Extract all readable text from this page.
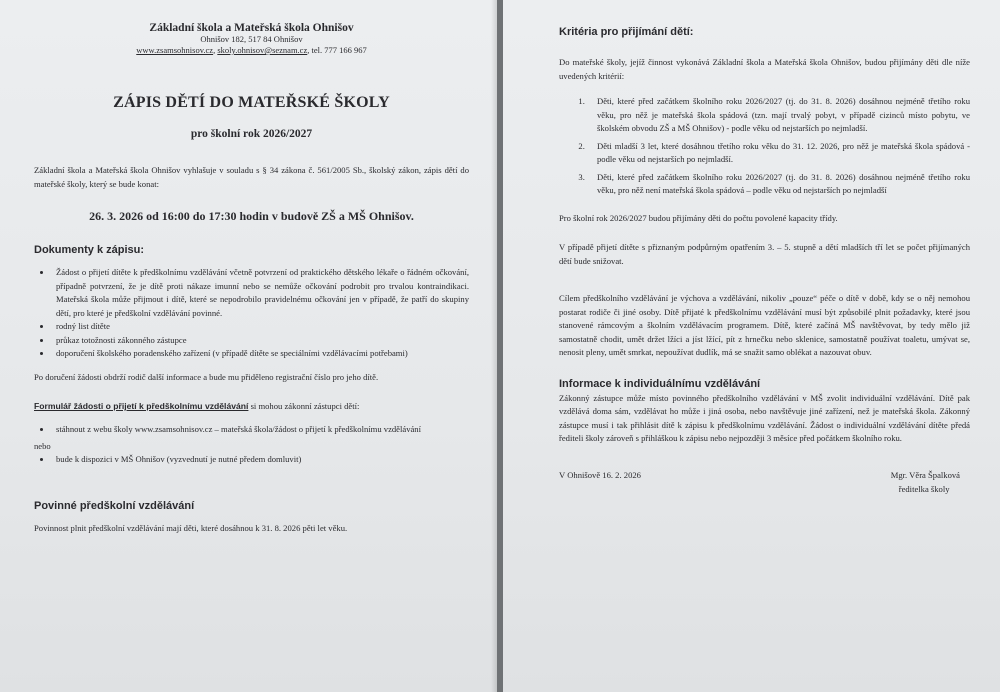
Základní škola a Mateřská škola Ohnišov

Ohnišov 182, 517 84 Ohnišov
www.zsamsohnisov.cz, skoly.ohnisov@seznam.cz, tel. 777 166 967

ZÁPIS DĚTÍ DO MATEŘSKÉ ŠKOLY

pro školní rok 2026/2027

Základní škola a Mateřská škola Ohnišov vyhlašuje v souladu s § 34 zákona č. 561/2005 Sb., školský zákon, zápis dětí do mateřské školy, který se bude konat:

26. 3. 2026 od 16:00 do 17:30 hodin v budově ZŠ a MŠ Ohnišov.

Dokumenty k zápisu:
• Žádost o přijetí dítěte k předškolnímu vzdělávání včetně potvrzení od praktického dětského lékaře o řádném očkování, případně potvrzení, že je dítě proti nákaze imunní nebo se nemůže očkování podrobit pro trvalou kontraindikaci. Mateřská škola může přijmout i dítě, které se nepodrobilo pravidelnému očkování jen v případě, že patří do skupiny dětí, pro které je předškolní vzdělávání povinné.
• rodný list dítěte
• průkaz totožnosti zákonného zástupce
• doporučení školského poradenského zařízení (v případě dítěte se speciálními vzdělávacími potřebami)

Po doručení žádosti obdrží rodič další informace a bude mu přiděleno registrační číslo pro jeho dítě.

Formulář žádosti o přijetí k předškolnímu vzdělávání si mohou zákonní zástupci dětí:

• stáhnout z webu školy www.zsamsohnisov.cz – mateřská škola/žádost o přijetí k předškolnímu vzdělávání
nebo
• bude k dispozici v MŠ Ohnišov (vyzvednutí je nutné předem domluvit)
Povinné předškolní vzdělávání

Povinnost plnit předškolní vzdělávání mají děti, které dosáhnou k 31. 8. 2026 pěti let věku.

Kritéria pro přijímání dětí:

Do mateřské školy, jejíž činnost vykonává Základní škola a Mateřská škola Ohnišov, budou přijímány děti dle níže uvedených kritérií:

1. Děti, které před začátkem školního roku 2026/2027 (tj. do 31. 8. 2026) dosáhnou nejméně třetího roku věku, pro něž je mateřská škola spádová (tzn. mají trvalý pobyt, v případě cizinců místo pobytu, ve školském obvodu ZŠ a MŠ Ohnišov) - podle věku od nejstarších po nejmladší.
2. Děti mladší 3 let, které dosáhnou třetího roku věku do 31. 12. 2026, pro něž je mateřská škola spádová - podle věku od nejstarších po nejmladší.
3. Děti, které před začátkem školního roku 2026/2027 (tj. do 31. 8. 2026) dosáhnou nejméně třetího roku věku, pro něž není mateřská škola spádová – podle věku od nejstarších po nejmladší

Pro školní rok 2026/2027 budou přijímány děti do počtu povolené kapacity třídy.

V případě přijetí dítěte s přiznaným podpůrným opatřením 3. – 5. stupně a dětí mladších tří let se počet přijímaných dětí bude snižovat.

Cílem předškolního vzdělávání je výchova a vzdělávání, nikoliv „pouze“ péče o dítě v době, kdy se o něj nemohou postarat rodiče či jiné osoby. Dítě přijaté k předškolnímu vzdělávání musí být způsobilé plnit požadavky, které jsou stanovené rámcovým a školním vzdělávacím programem. Dítě, které začíná MŠ navštěvovat, by tedy mělo již samostatně chodit, umět držet lžíci a jíst lžící, pít z hrnečku nebo sklenice, samostatně používat toaletu, umývat se, nenosit pleny, umět smrkat, nepoužívat dudlík, má se snažit samo oblékat a nazouvat obuv.

Informace k individuálnímu vzdělávání

Zákonný zástupce může místo povinného předškolního vzdělávání v MŠ zvolit individuální vzdělávání. Dítě pak vzdělává doma sám, vzdělávat ho může i jiná osoba, nebo navštěvuje jiné zařízení, než je mateřská škola. Zákonný zástupce musí i tak přihlásit dítě k zápisu k předškolnímu vzdělávání. Žádost o individuální vzdělávání dítěte předá řediteli školy zároveň s přihláškou k zápisu nebo nejpozději 3 měsíce před počátkem školního roku.

V Ohnišově 16. 2. 2026	Mgr. Věra Špalková
ředitelka školy
